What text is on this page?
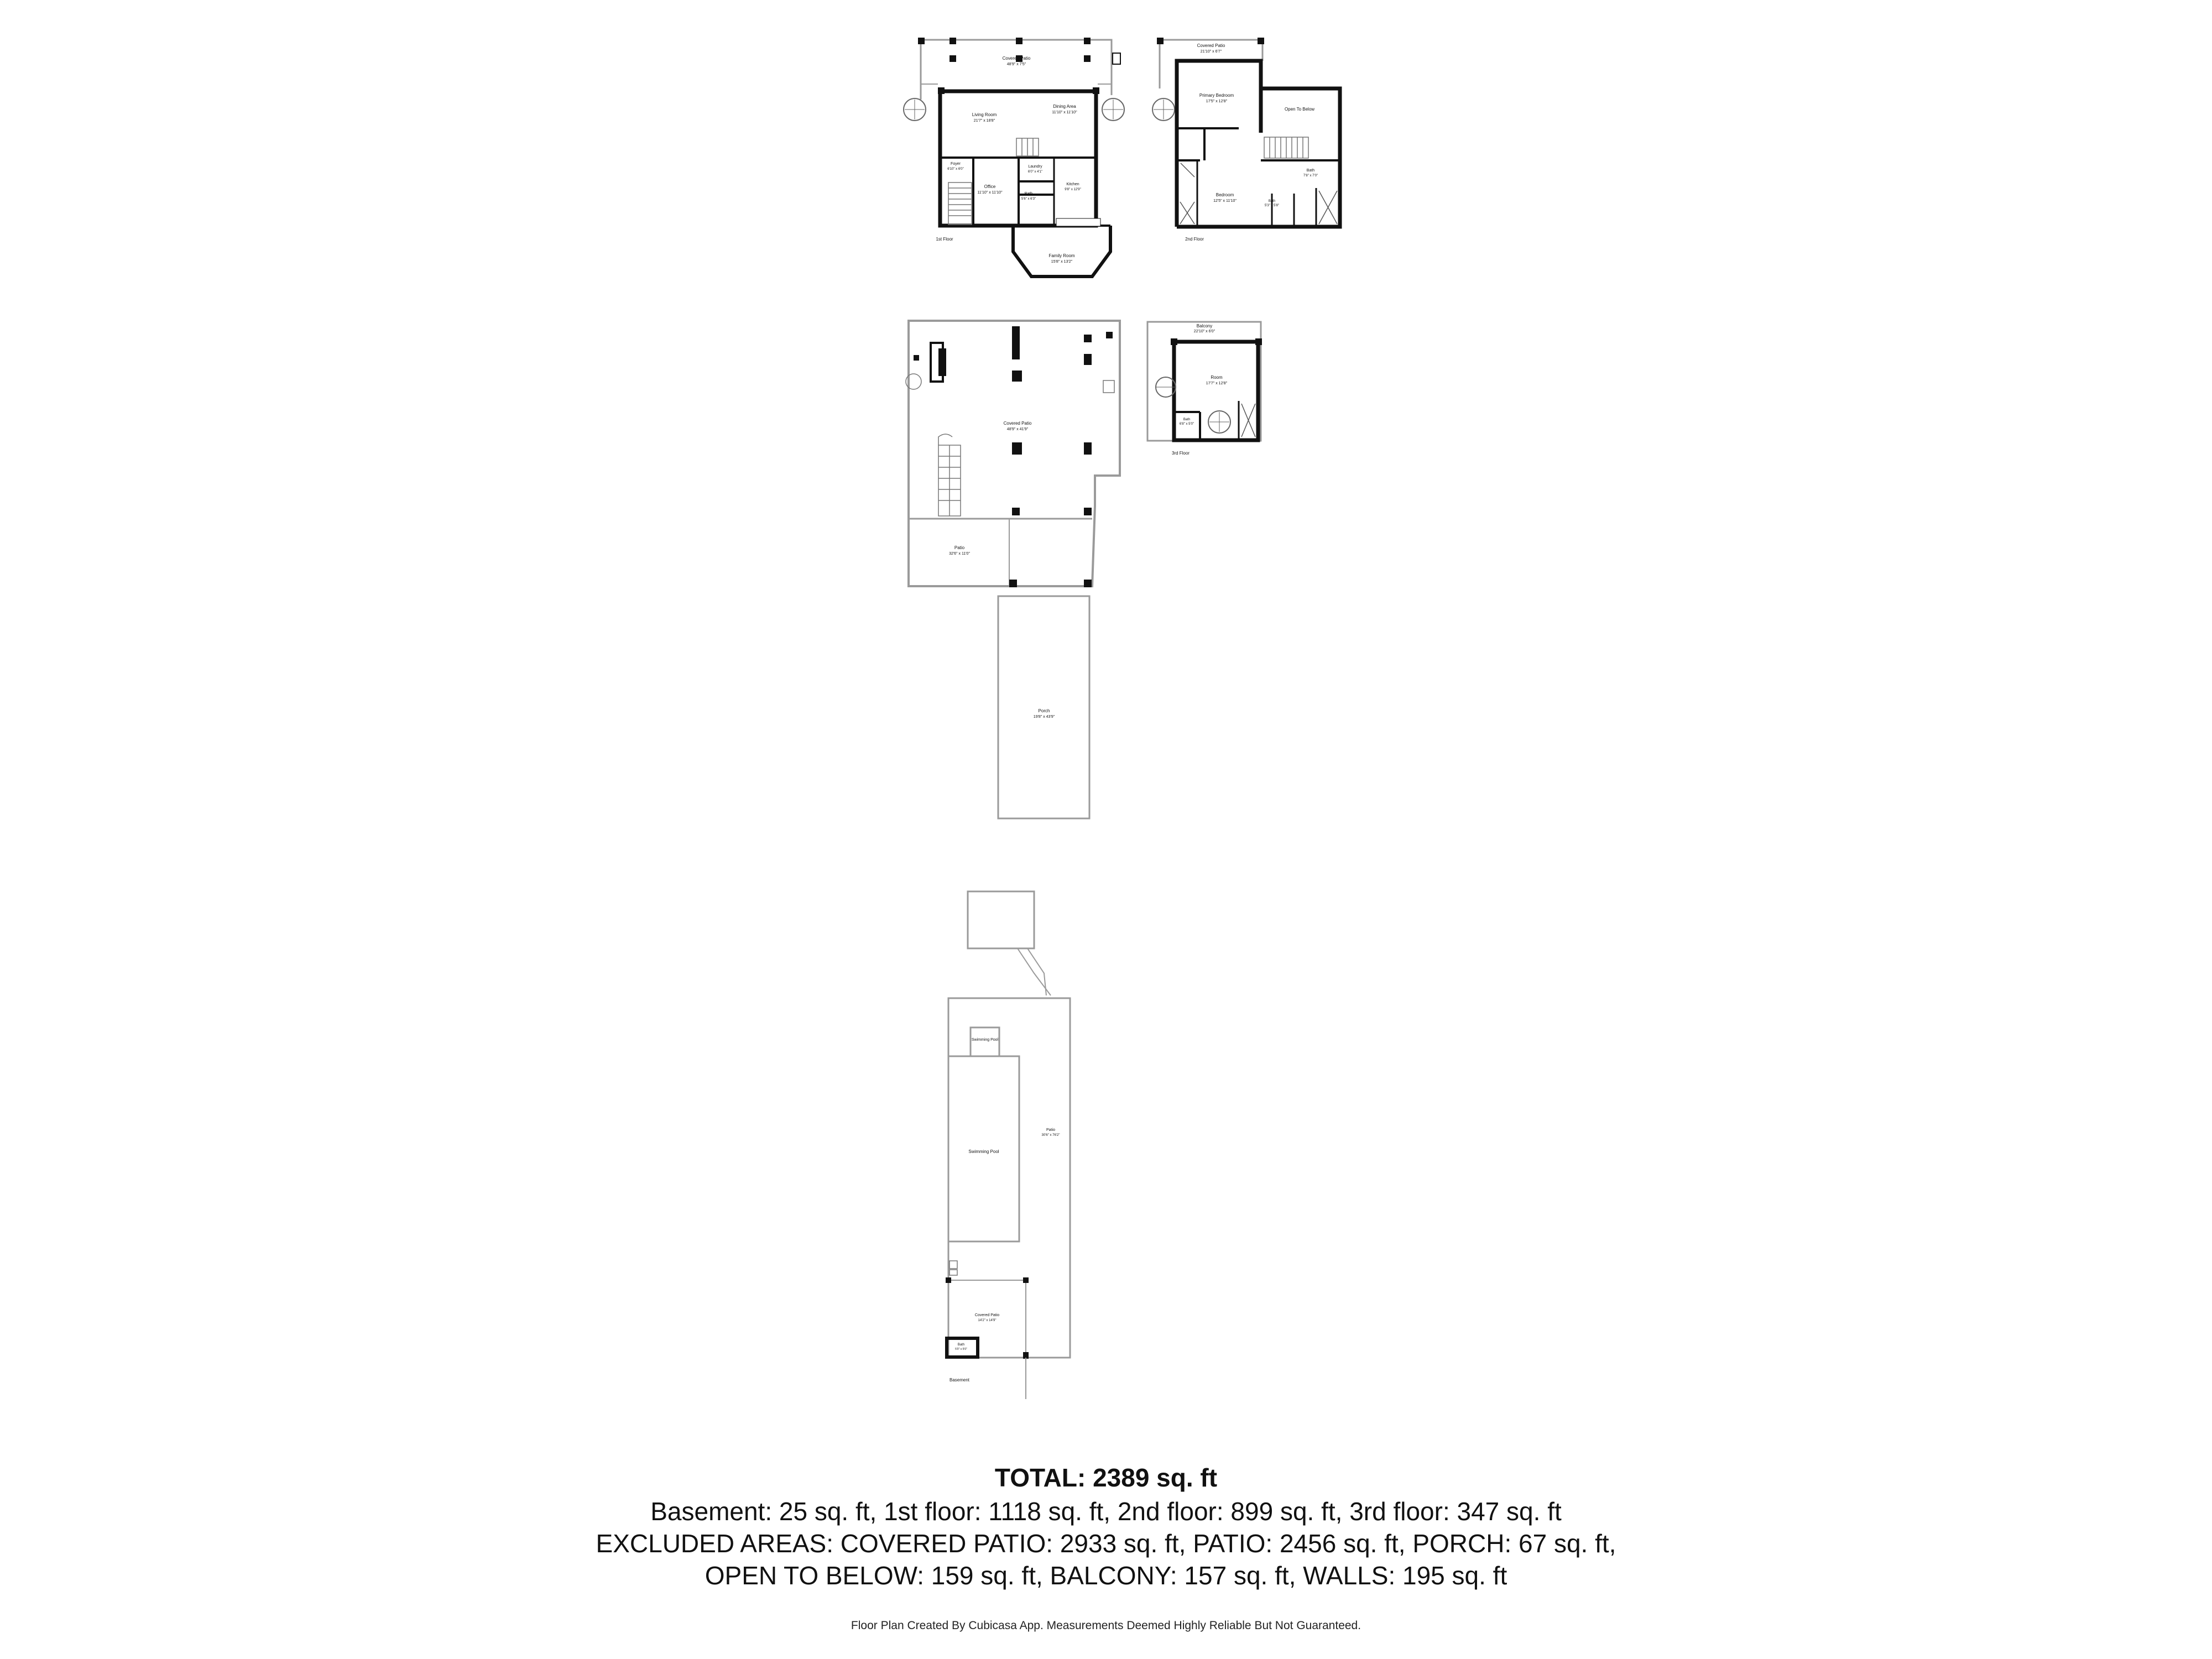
Covered Patio
48'9" x 7'5"
Living Room
21'7" x 18'8"
Dining Area
11'10" x 11'10"
Foyer
6'10" x 6'0"
Office
11'10" x 11'10"
Laundry
6'0" x 4'1"
Bath
5'6" x 6'3"
Kitchen
9'8" x 12'9"
Family Room
15'8" x 13'2"
1st Floor
Covered Patio
21'10" x 6'7"
Primary Bedroom
17'5" x 12'8"
Open To Below
Bath
7'8" x 7'0"
Bedroom
12'5" x 11'10"	Bath
5'3" x 5'8"
2nd Floor
Balcony
22'10" x 6'0"
Room
17'7" x 12'8"
Bath
6'8" x 5'0"
3rd Floor
Covered Patio
48'9" x 41'9"
Patio
32'6" x 11'0"
Porch
19'8" x 43'9"
Swimming Pool
Swimming Pool
Patio
30'6" x 76'2"
Covered Patio
14'2" x 14'9"
Bath
5'0" x 5'0"
Basement
TOTAL: 2389 sq. ft
Basement: 25 sq. ft, 1st floor: 1118 sq. ft, 2nd floor: 899 sq. ft, 3rd floor: 347 sq. ft
EXCLUDED AREAS: COVERED PATIO: 2933 sq. ft, PATIO: 2456 sq. ft, PORCH: 67 sq. ft,
OPEN TO BELOW: 159 sq. ft, BALCONY: 157 sq. ft, WALLS: 195 sq. ft
Floor Plan Created By Cubicasa App. Measurements Deemed Highly Reliable But Not Guaranteed.
